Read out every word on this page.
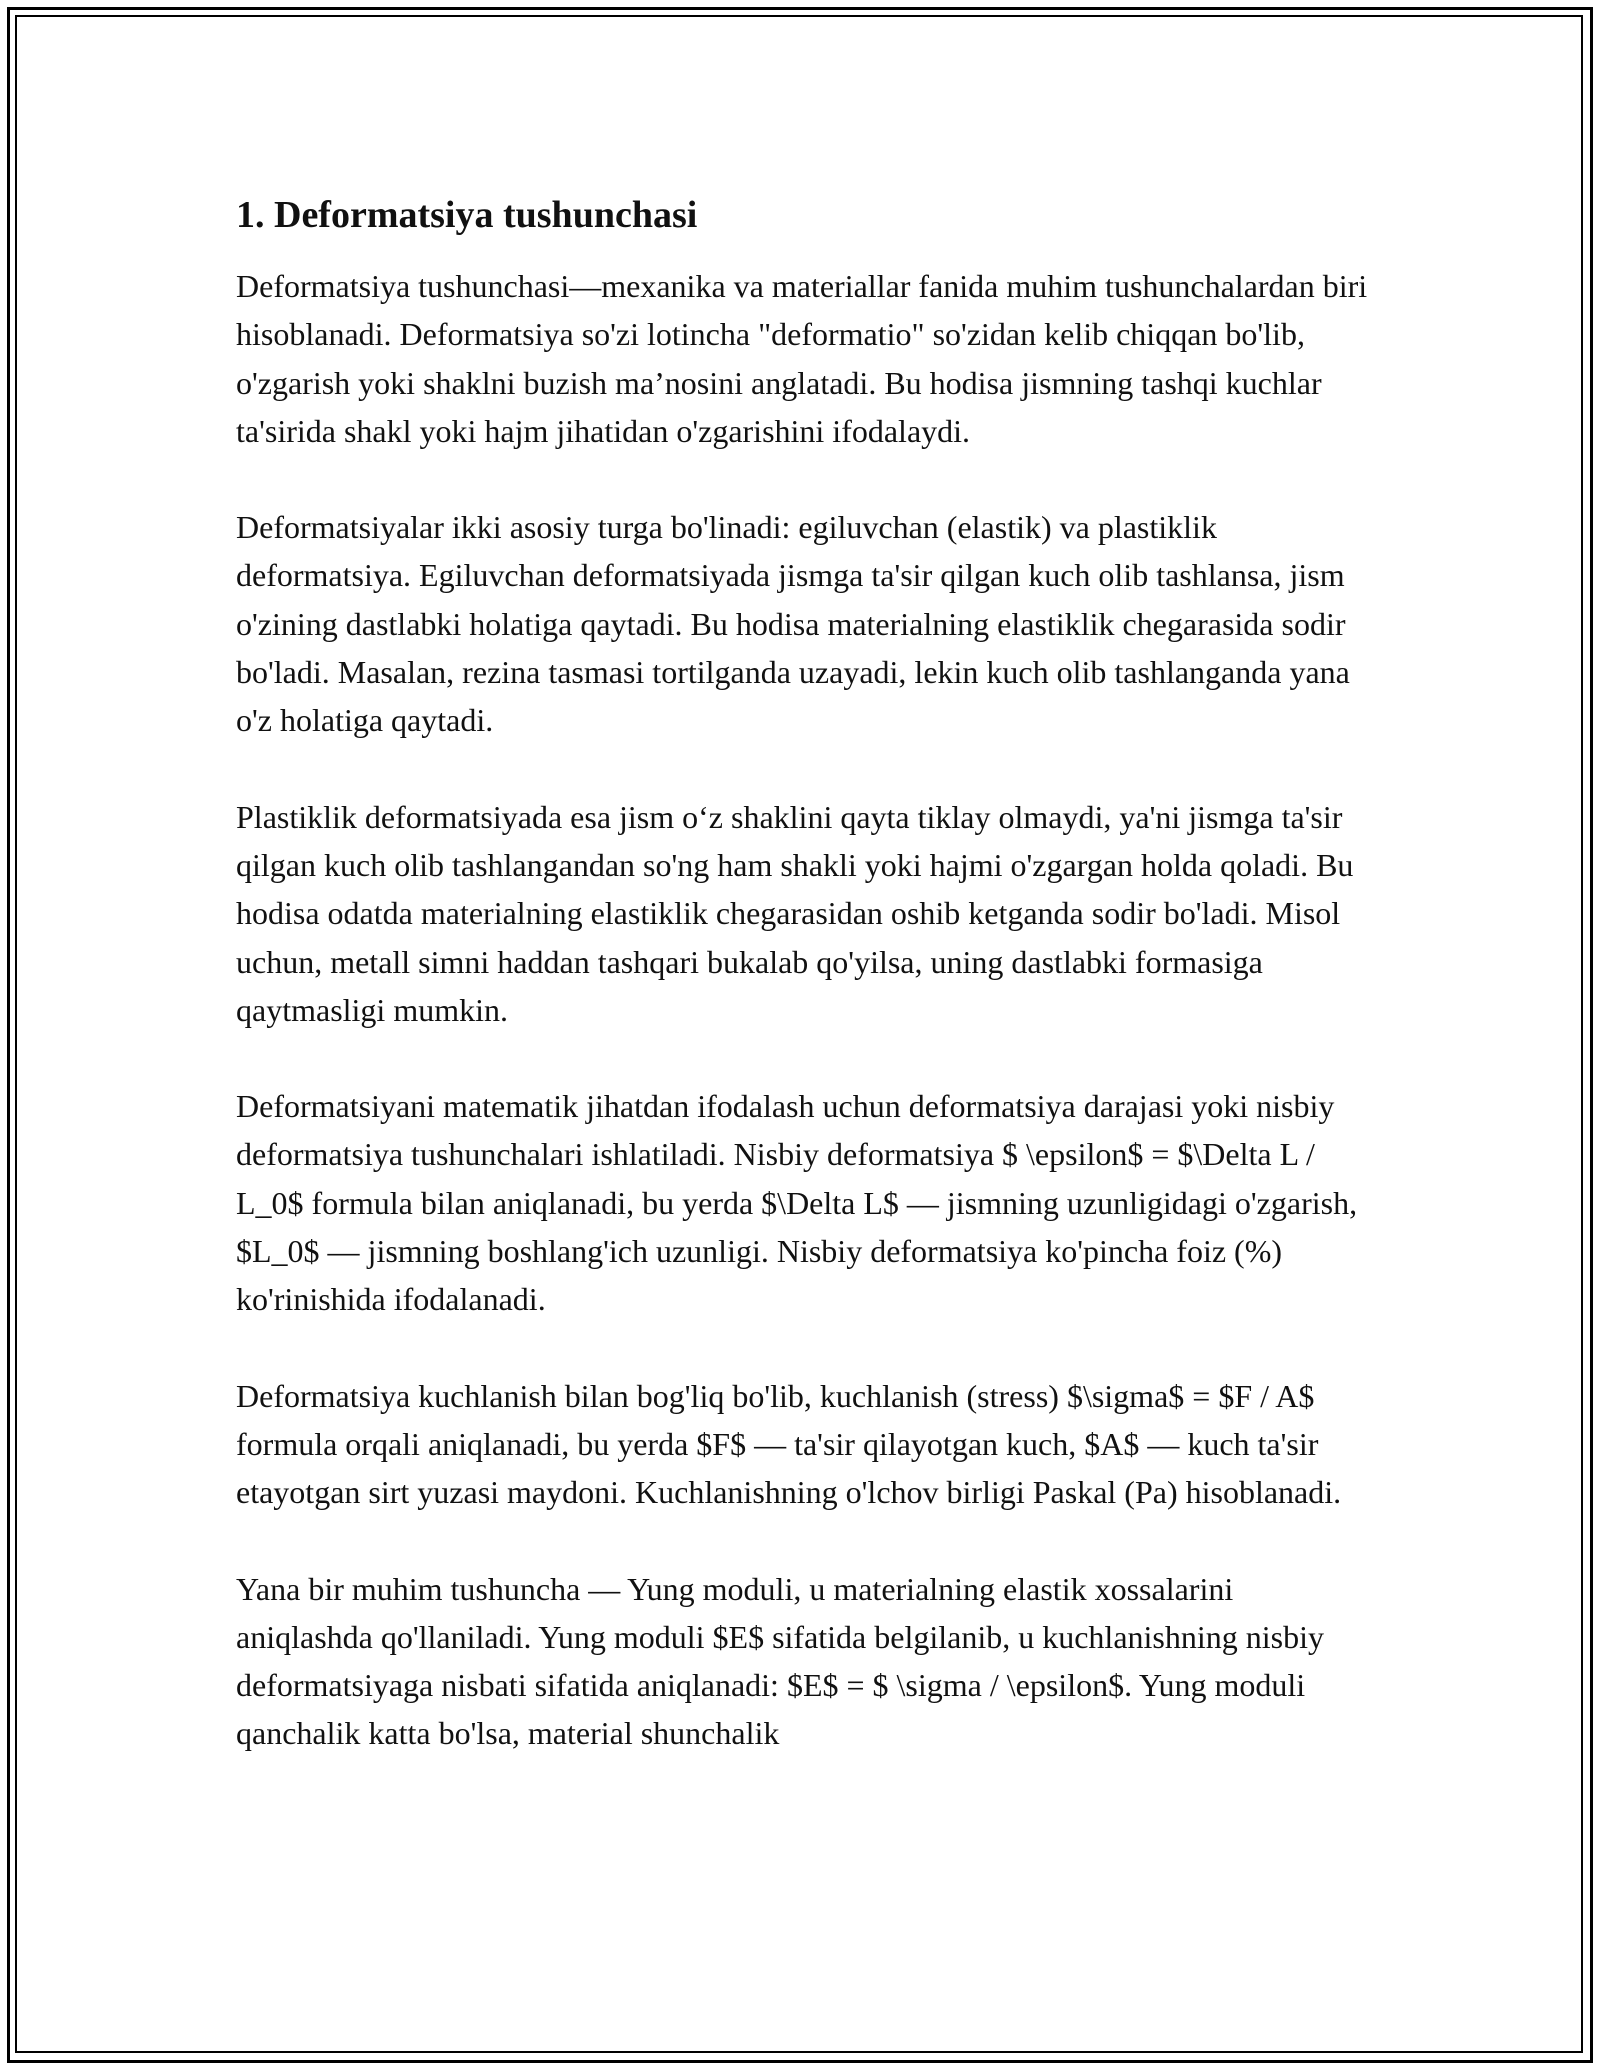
1. Deformatsiya tushunchasi

Deformatsiya tushunchasi—mexanika va materiallar fanida muhim tushunchalardan biri hisoblanadi. Deformatsiya so'zi lotincha "deformatio" so'zidan kelib chiqqan bo'lib, o'zgarish yoki shaklni buzish ma’nosini anglatadi. Bu hodisa jismning tashqi kuchlar ta'sirida shakl yoki hajm jihatidan o'zgarishini ifodalaydi.

Deformatsiyalar ikki asosiy turga bo'linadi: egiluvchan (elastik) va plastiklik deformatsiya. Egiluvchan deformatsiyada jismga ta'sir qilgan kuch olib tashlansa, jism o'zining dastlabki holatiga qaytadi. Bu hodisa materialning elastiklik chegarasida sodir bo'ladi. Masalan, rezina tasmasi tortilganda uzayadi, lekin kuch olib tashlanganda yana o'z holatiga qaytadi.

Plastiklik deformatsiyada esa jism o‘z shaklini qayta tiklay olmaydi, ya'ni jismga ta'sir qilgan kuch olib tashlangandan so'ng ham shakli yoki hajmi o'zgargan holda qoladi. Bu hodisa odatda materialning elastiklik chegarasidan oshib ketganda sodir bo'ladi. Misol uchun, metall simni haddan tashqari bukalab qo'yilsa, uning dastlabki formasiga qaytmasligi mumkin.

Deformatsiyani matematik jihatdan ifodalash uchun deformatsiya darajasi yoki nisbiy deformatsiya tushunchalari ishlatiladi. Nisbiy deformatsiya $ \epsilon$ = $\Delta L / L_0$ formula bilan aniqlanadi, bu yerda $\Delta L$ — jismning uzunligidagi o'zgarish, $L_0$ — jismning boshlang'ich uzunligi. Nisbiy deformatsiya ko'pincha foiz (%) ko'rinishida ifodalanadi.

Deformatsiya kuchlanish bilan bog'liq bo'lib, kuchlanish (stress) $\sigma$ = $F / A$ formula orqali aniqlanadi, bu yerda $F$ — ta'sir qilayotgan kuch, $A$ — kuch ta'sir etayotgan sirt yuzasi maydoni. Kuchlanishning o'lchov birligi Paskal (Pa) hisoblanadi.

Yana bir muhim tushuncha — Yung moduli, u materialning elastik xossalarini aniqlashda qo'llaniladi. Yung moduli $E$ sifatida belgilanib, u kuchlanishning nisbiy deformatsiyaga nisbati sifatida aniqlanadi: $E$ = $ \sigma / \epsilon$. Yung moduli qanchalik katta bo'lsa, material shunchalik
